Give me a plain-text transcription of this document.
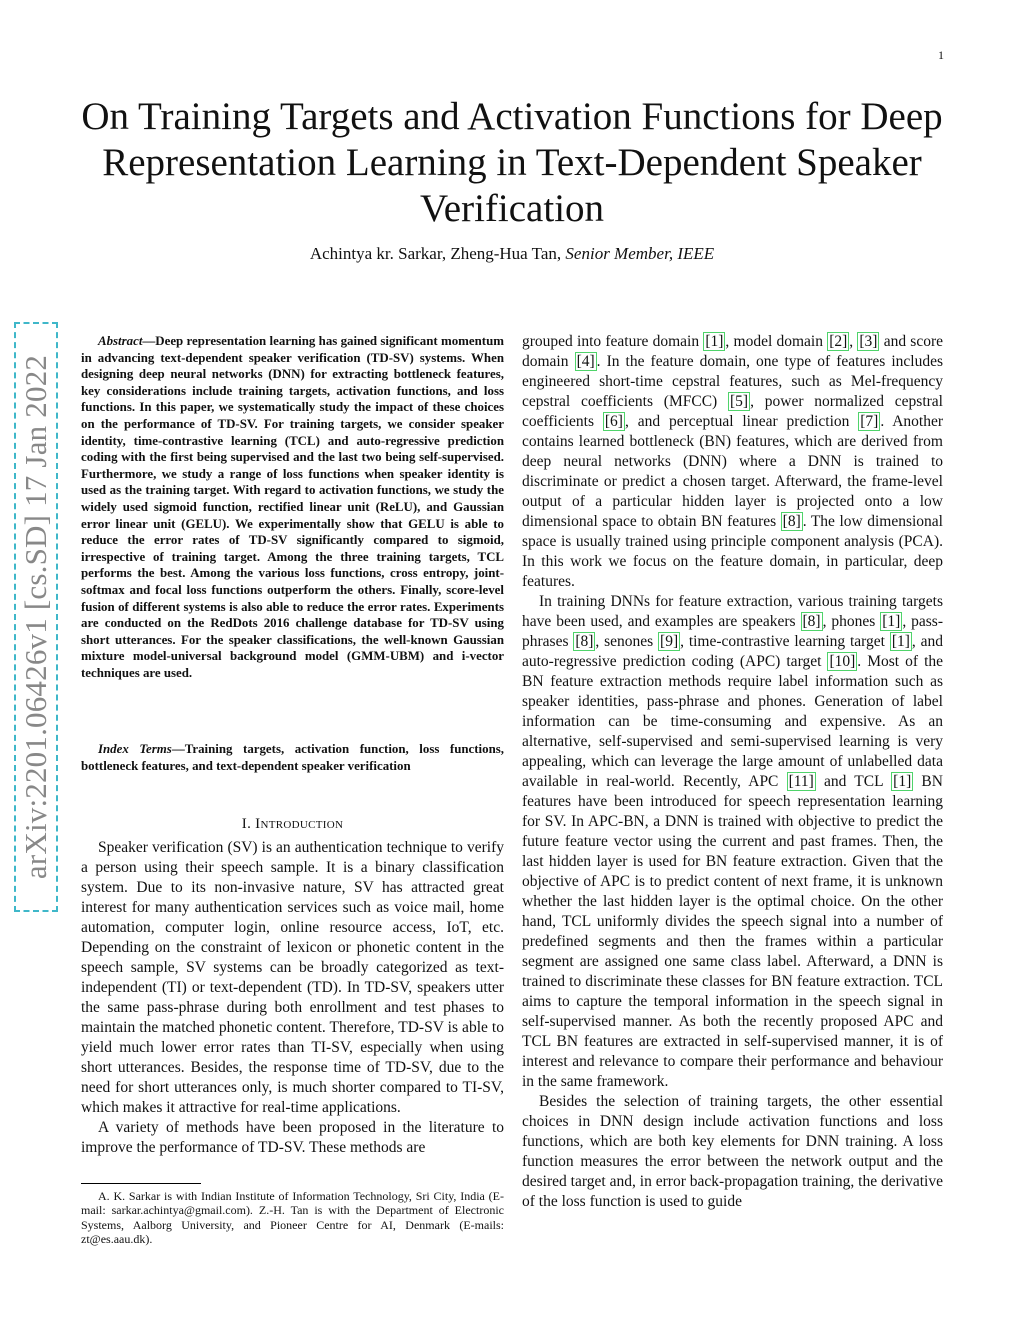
1
arXiv:2201.06426v1 [cs.SD] 17 Jan 2022
On Training Targets and Activation Functions for Deep Representation Learning in Text-Dependent Speaker Verification
Achintya kr. Sarkar, Zheng-Hua Tan, Senior Member, IEEE

Abstract—Deep representation learning has gained significant momentum in advancing text-dependent speaker verification (TD-SV) systems. When designing deep neural networks (DNN) for extracting bottleneck features, key considerations include training targets, activation functions, and loss functions. In this paper, we systematically study the impact of these choices on the performance of TD-SV. For training targets, we consider speaker identity, time-contrastive learning (TCL) and auto-regressive prediction coding with the first being supervised and the last two being self-supervised. Furthermore, we study a range of loss functions when speaker identity is used as the training target. With regard to activation functions, we study the widely used sigmoid function, rectified linear unit (ReLU), and Gaussian error linear unit (GELU). We experimentally show that GELU is able to reduce the error rates of TD-SV significantly compared to sigmoid, irrespective of training target. Among the three training targets, TCL performs the best. Among the various loss functions, cross entropy, joint-softmax and focal loss functions outperform the others. Finally, score-level fusion of different systems is also able to reduce the error rates. Experiments are conducted on the RedDots 2016 challenge database for TD-SV using short utterances. For the speaker classifications, the well-known Gaussian mixture model-universal background model (GMM-UBM) and i-vector techniques are used.

Index Terms—Training targets, activation function, loss functions, bottleneck features, and text-dependent speaker verification

I. Introduction

Speaker verification (SV) is an authentication technique to verify a person using their speech sample. It is a binary classification system. Due to its non-invasive nature, SV has attracted great interest for many authentication services such as voice mail, home automation, computer login, online resource access, IoT, etc. Depending on the constraint of lexicon or phonetic content in the speech sample, SV systems can be broadly categorized as text-independent (TI) or text-dependent (TD). In TD-SV, speakers utter the same pass-phrase during both enrollment and test phases to maintain the matched phonetic content. Therefore, TD-SV is able to yield much lower error rates than TI-SV, especially when using short utterances. Besides, the response time of TD-SV, due to the need for short utterances only, is much shorter compared to TI-SV, which makes it attractive for real-time applications.

A variety of methods have been proposed in the literature to improve the performance of TD-SV. These methods are

A. K. Sarkar is with Indian Institute of Information Technology, Sri City, India (E-mail: sarkar.achintya@gmail.com). Z.-H. Tan is with the Department of Electronic Systems, Aalborg University, and Pioneer Centre for AI, Denmark (E-mails: zt@es.aau.dk).

grouped into feature domain [1] , model domain [2] , [3] and score domain [4] . In the feature domain, one type of features includes engineered short-time cepstral features, such as Mel-frequency cepstral coefficients (MFCC) [5] , power normalized cepstral coefficients [6] , and perceptual linear prediction [7] . Another contains learned bottleneck (BN) features, which are derived from deep neural networks (DNN) where a DNN is trained to discriminate or predict a chosen target. Afterward, the frame-level output of a particular hidden layer is projected onto a low dimensional space to obtain BN features [8] . The low dimensional space is usually trained using principle component analysis (PCA). In this work we focus on the feature domain, in particular, deep features.

In training DNNs for feature extraction, various training targets have been used, and examples are speakers [8] , phones [1] , pass-phrases [8] , senones [9] , time-contrastive learning target [1] , and auto-regressive prediction coding (APC) target [10] . Most of the BN feature extraction methods require label information such as speaker identities, pass-phrase and phones. Generation of label information can be time-consuming and expensive. As an alternative, self-supervised and semi-supervised learning is very appealing, which can leverage the large amount of unlabelled data available in real-world. Recently, APC [11] and TCL [1] BN features have been introduced for speech representation learning for SV. In APC-BN, a DNN is trained with objective to predict the future feature vector using the current and past frames. Then, the last hidden layer is used for BN feature extraction. Given that the objective of APC is to predict content of next frame, it is unknown whether the last hidden layer is the optimal choice. On the other hand, TCL uniformly divides the speech signal into a number of predefined segments and then the frames within a particular segment are assigned one same class label. Afterward, a DNN is trained to discriminate these classes for BN feature extraction. TCL aims to capture the temporal information in the speech signal in self-supervised manner. As both the recently proposed APC and TCL BN features are extracted in self-supervised manner, it is of interest and relevance to compare their performance and behaviour in the same framework.

Besides the selection of training targets, the other essential choices in DNN design include activation functions and loss functions, which are both key elements for DNN training. A loss function measures the error between the network output and the desired target and, in error back-propagation training, the derivative of the loss function is used to guide
